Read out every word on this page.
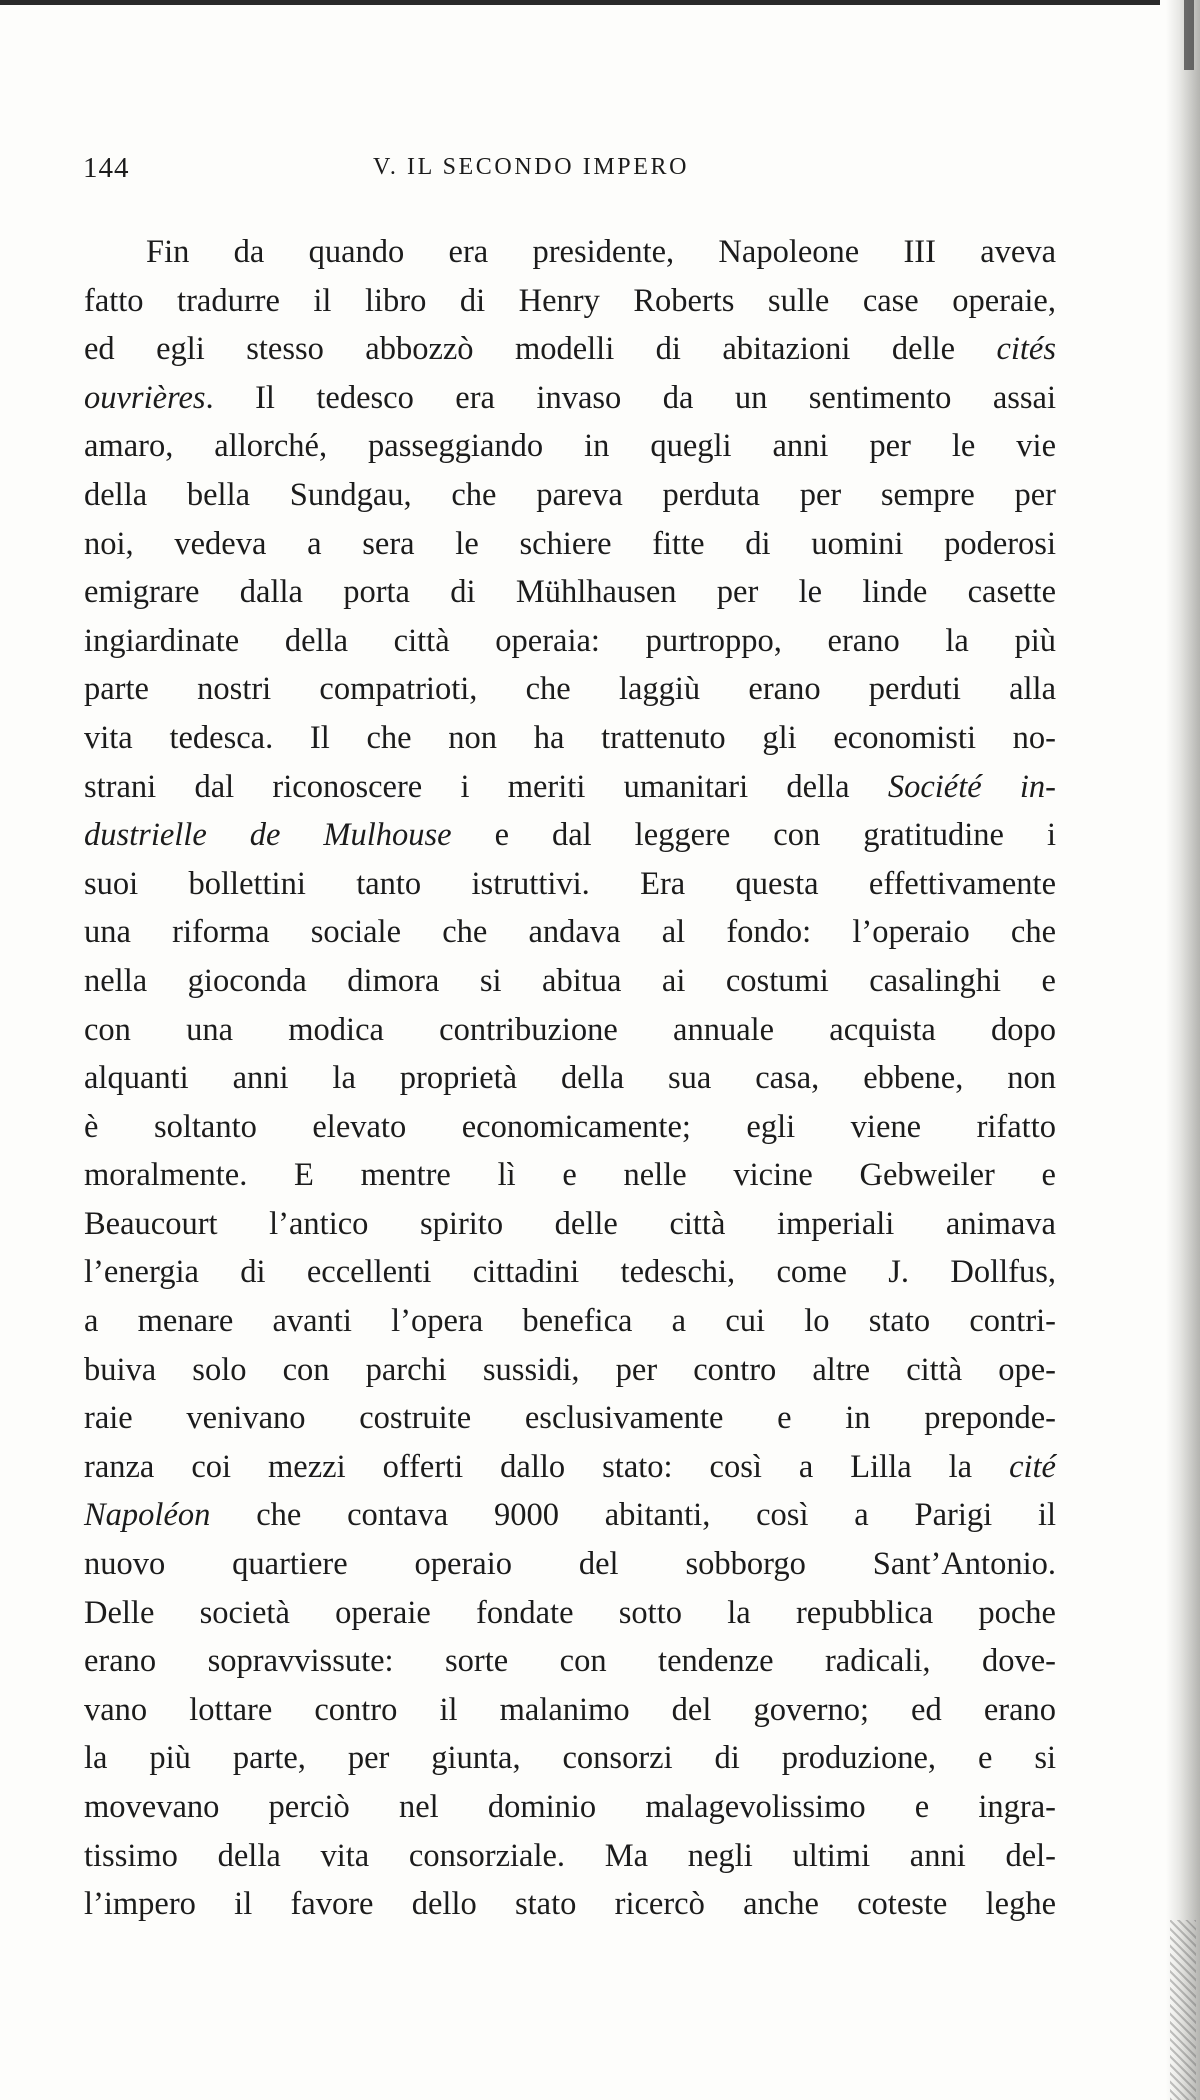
144	V. IL SECONDO IMPERO
Fin da quando era presidente, Napoleone III aveva
fatto tradurre il libro di Henry Roberts sulle case operaie,
ed egli stesso abbozzò modelli di abitazioni delle cités
ouvrières. Il tedesco era invaso da un sentimento assai
amaro, allorché, passeggiando in quegli anni per le vie
della bella Sundgau, che pareva perduta per sempre per
noi, vedeva a sera le schiere fitte di uomini poderosi
emigrare dalla porta di Mühlhausen per le linde casette
ingiardinate della città operaia: purtroppo, erano la più
parte nostri compatrioti, che laggiù erano perduti alla
vita tedesca. Il che non ha trattenuto gli economisti no-
strani dal riconoscere i meriti umanitari della Société in-
dustrielle de Mulhouse e dal leggere con gratitudine i
suoi bollettini tanto istruttivi. Era questa effettivamente
una riforma sociale che andava al fondo: l’operaio che
nella gioconda dimora si abitua ai costumi casalinghi e
con una modica contribuzione annuale acquista dopo
alquanti anni la proprietà della sua casa, ebbene, non
è soltanto elevato economicamente; egli viene rifatto
moralmente. E mentre lì e nelle vicine Gebweiler e
Beaucourt l’antico spirito delle città imperiali animava
l’energia di eccellenti cittadini tedeschi, come J. Dollfus,
a menare avanti l’opera benefica a cui lo stato contri-
buiva solo con parchi sussidi, per contro altre città ope-
raie venivano costruite esclusivamente e in preponde-
ranza coi mezzi offerti dallo stato: così a Lilla la cité
Napoléon che contava 9000 abitanti, così a Parigi il
nuovo quartiere operaio del sobborgo Sant’Antonio.
Delle società operaie fondate sotto la repubblica poche
erano sopravvissute: sorte con tendenze radicali, dove-
vano lottare contro il malanimo del governo; ed erano
la più parte, per giunta, consorzi di produzione, e si
movevano perciò nel dominio malagevolissimo e ingra-
tissimo della vita consorziale. Ma negli ultimi anni del-
l’impero il favore dello stato ricercò anche coteste leghe
